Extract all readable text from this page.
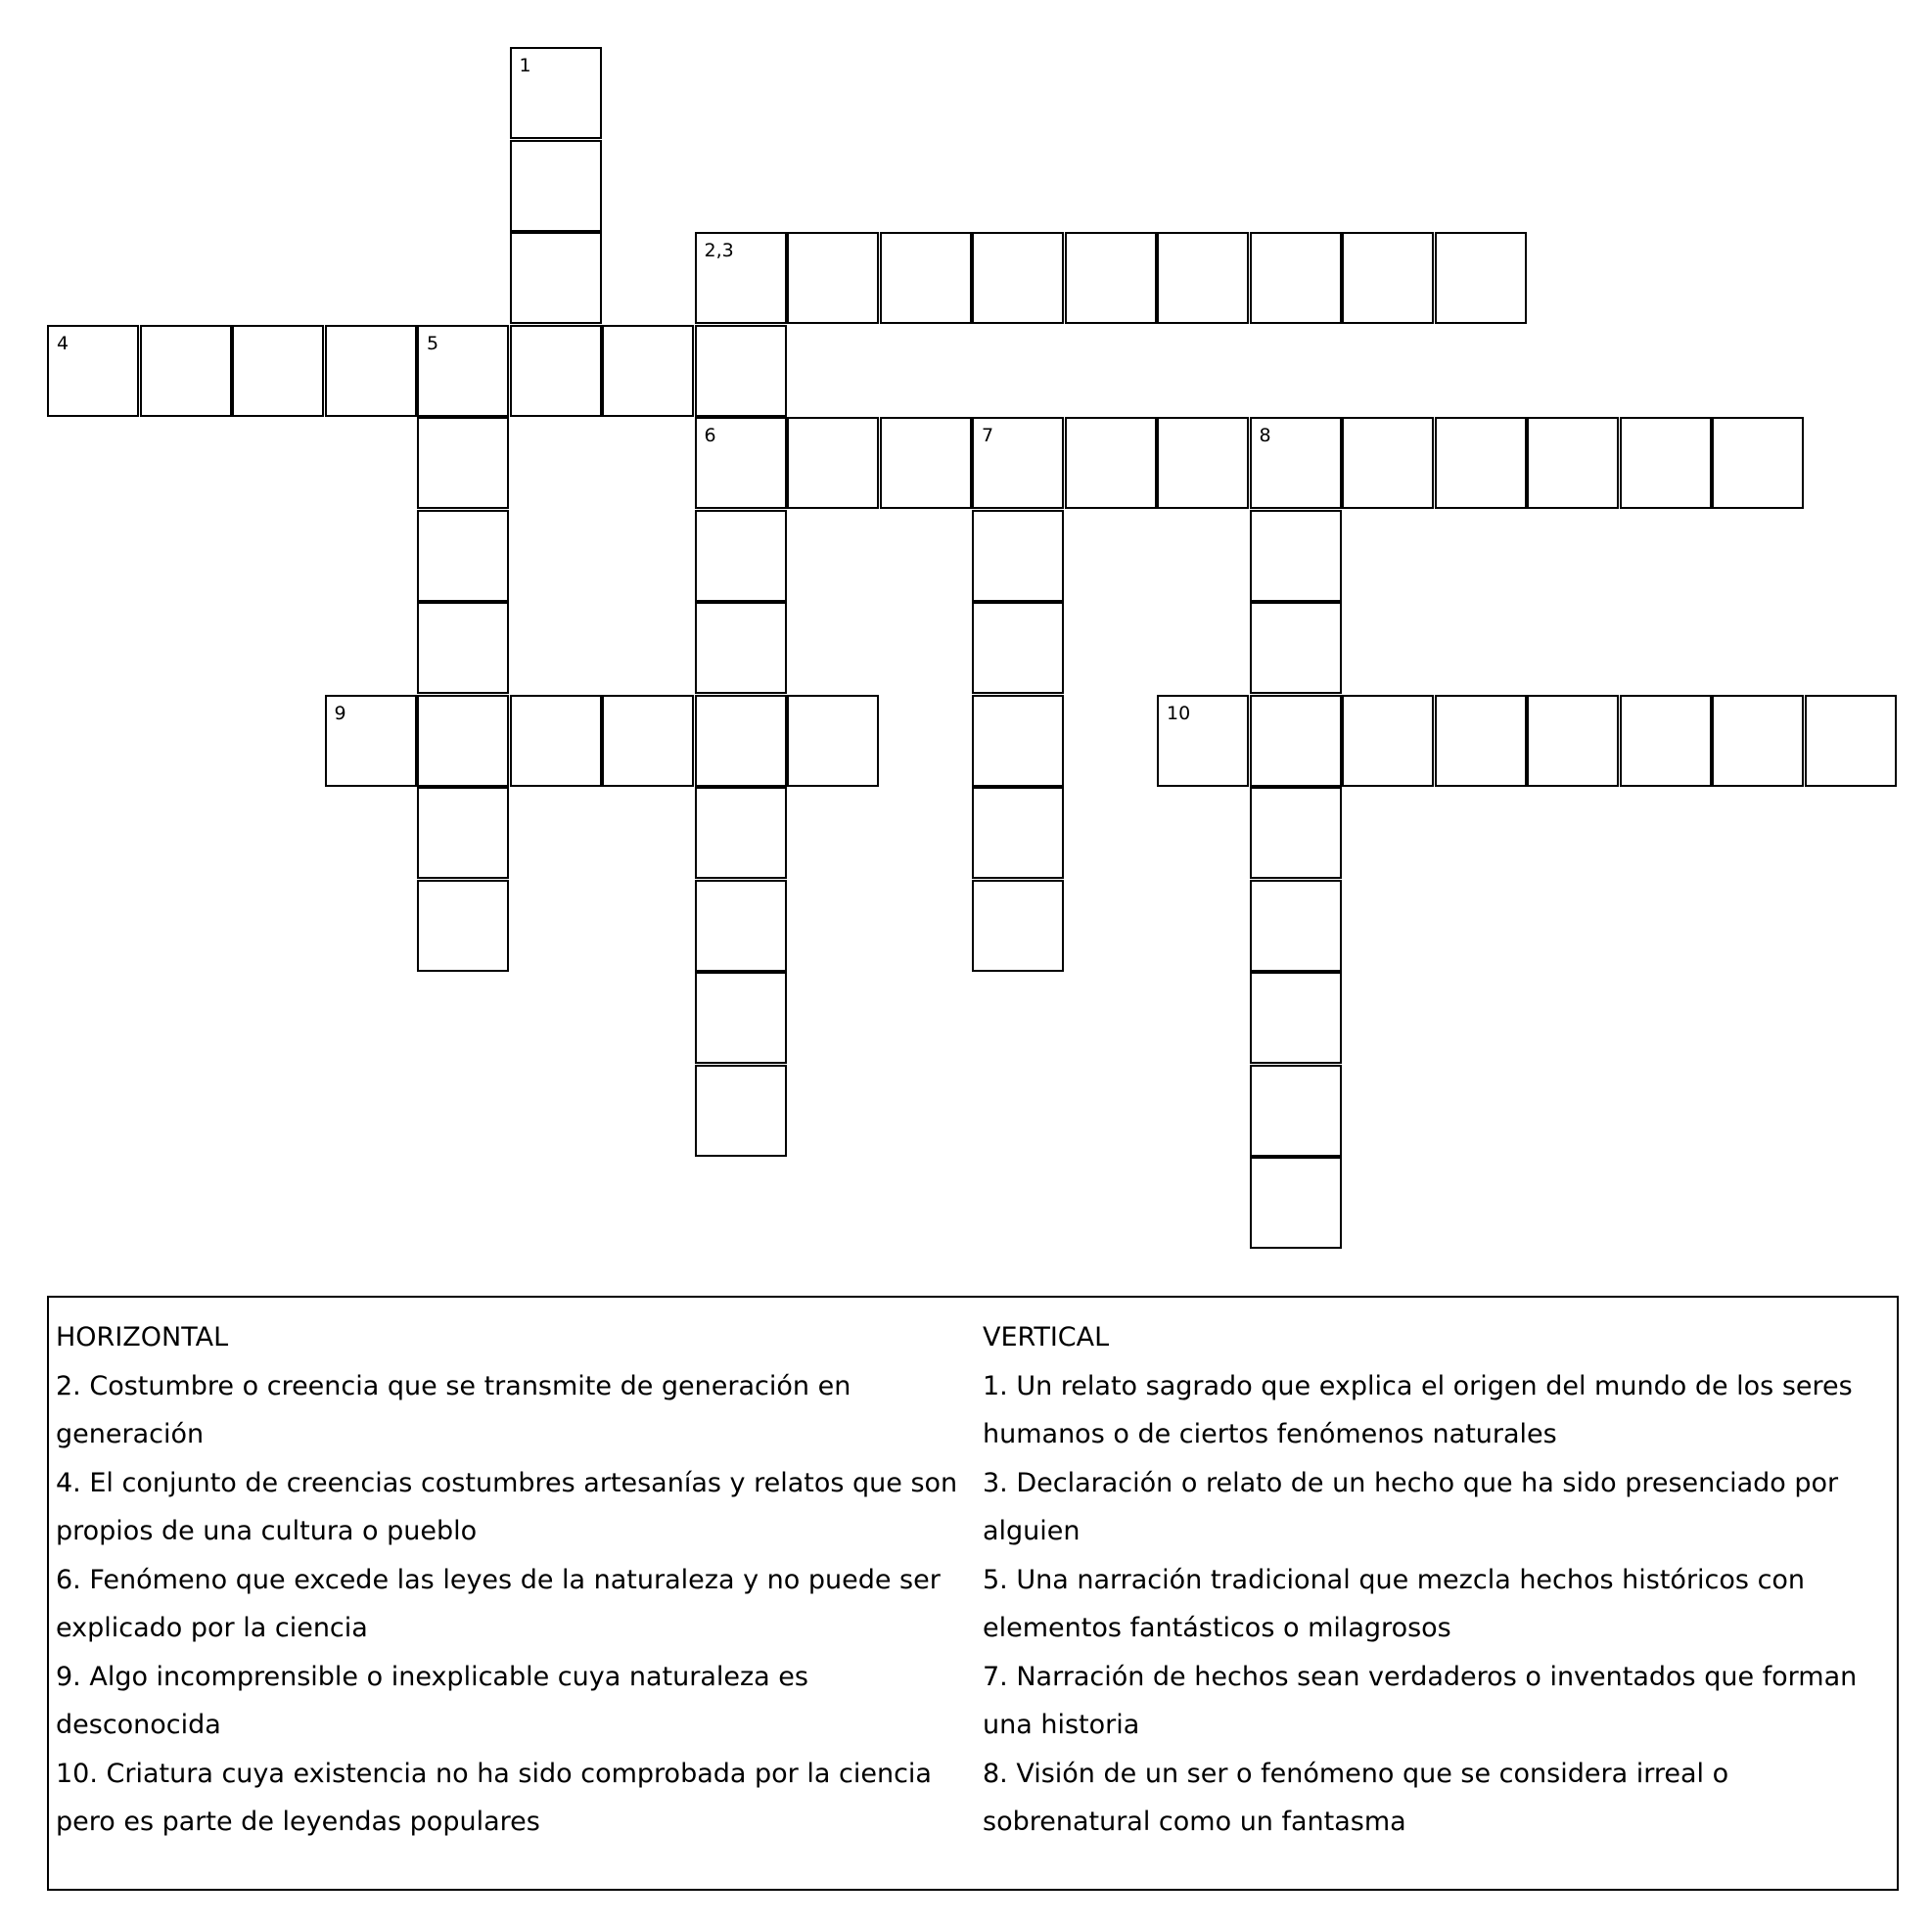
1
2,3
4	5
6	7	8
9	10
HORIZONTAL
2. Costumbre o creencia que se transmite de generación en
generación
4. El conjunto de creencias costumbres artesanías y relatos que son
propios de una cultura o pueblo
6. Fenómeno que excede las leyes de la naturaleza y no puede ser
explicado por la ciencia
9. Algo incomprensible o inexplicable cuya naturaleza es
desconocida
10. Criatura cuya existencia no ha sido comprobada por la ciencia
pero es parte de leyendas populares
VERTICAL
1. Un relato sagrado que explica el origen del mundo de los seres
humanos o de ciertos fenómenos naturales
3. Declaración o relato de un hecho que ha sido presenciado por
alguien
5. Una narración tradicional que mezcla hechos históricos con
elementos fantásticos o milagrosos
7. Narración de hechos sean verdaderos o inventados que forman
una historia
8. Visión de un ser o fenómeno que se considera irreal o
sobrenatural como un fantasma
